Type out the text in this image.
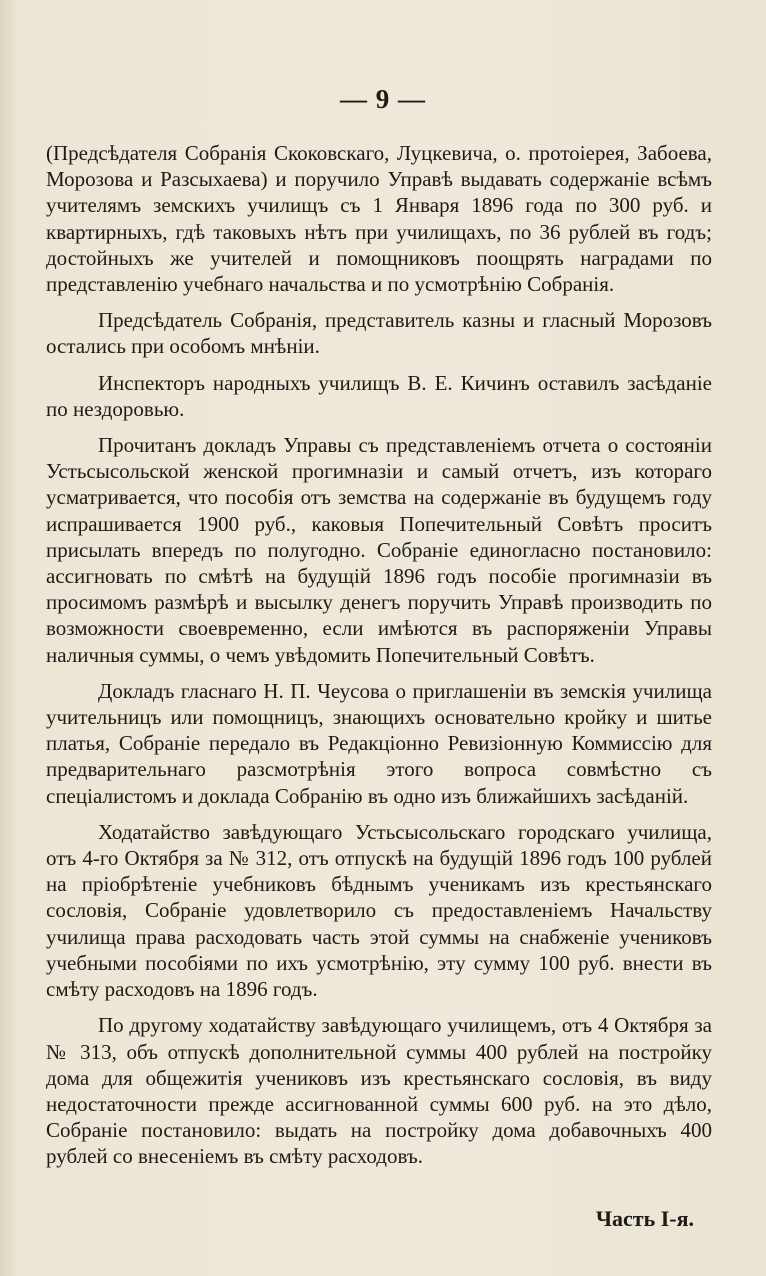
— 9 —

(Предсѣдателя Собранія Скоковскаго, Луцкевича, о. протоіерея, Забоева, Морозова и Разсыхаева) и поручило Управѣ выдавать содержаніе всѣмъ учителямъ земскихъ училищъ съ 1 Января 1896 года по 300 руб. и квартирныхъ, гдѣ таковыхъ нѣтъ при училищахъ, по 36 рублей въ годъ; достойныхъ же учителей и помощниковъ поощрять наградами по представленію учебнаго начальства и по усмотрѣнію Собранія.

Предсѣдатель Собранія, представитель казны и гласный Морозовъ остались при особомъ мнѣніи.

Инспекторъ народныхъ училищъ В. Е. Кичинъ оставилъ засѣданіе по нездоровью.

Прочитанъ докладъ Управы съ представленіемъ отчета о состояніи Устьсысольской женской прогимназіи и самый отчетъ, изъ котораго усматривается, что пособія отъ земства на содержаніе въ будущемъ году испрашивается 1900 руб., каковыя Попечительный Совѣтъ проситъ присылать впередъ по полугодно. Собраніе единогласно постановило: ассигновать по смѣтѣ на будущій 1896 годъ пособіе прогимназіи въ просимомъ размѣрѣ и высылку денегъ поручить Управѣ производить по возможности своевременно, если имѣются въ распоряженіи Управы наличныя суммы, о чемъ увѣдомить Попечительный Совѣтъ.

Докладъ гласнаго Н. П. Чеусова о приглашеніи въ земскія училища учительницъ или помощницъ, знающихъ основательно кройку и шитье платья, Собраніе передало въ Редакціонно Ревизіонную Коммиссію для предварительнаго разсмотрѣнія этого вопроса совмѣстно съ спеціалистомъ и доклада Собранію въ одно изъ ближайшихъ засѣданій.

Ходатайство завѣдующаго Устьсысольскаго городскаго училища, отъ 4-го Октября за № 312, отъ отпускѣ на будущій 1896 годъ 100 рублей на пріобрѣтеніе учебниковъ бѣднымъ ученикамъ изъ крестьянскаго сословія, Собраніе удовлетворило съ предоставленіемъ Начальству училища права расходовать часть этой суммы на снабженіе учениковъ учебными пособіями по ихъ усмотрѣнію, эту сумму 100 руб. внести въ смѣту расходовъ на 1896 годъ.

По другому ходатайству завѣдующаго училищемъ, отъ 4 Октября за № 313, объ отпускѣ дополнительной суммы 400 рублей на постройку дома для общежитія учениковъ изъ крестьянскаго сословія, въ виду недостаточности прежде ассигнованной суммы 600 руб. на это дѣло, Собраніе постановило: выдать на постройку дома добавочныхъ 400 рублей со внесеніемъ въ смѣту расходовъ.

Часть І-я.
